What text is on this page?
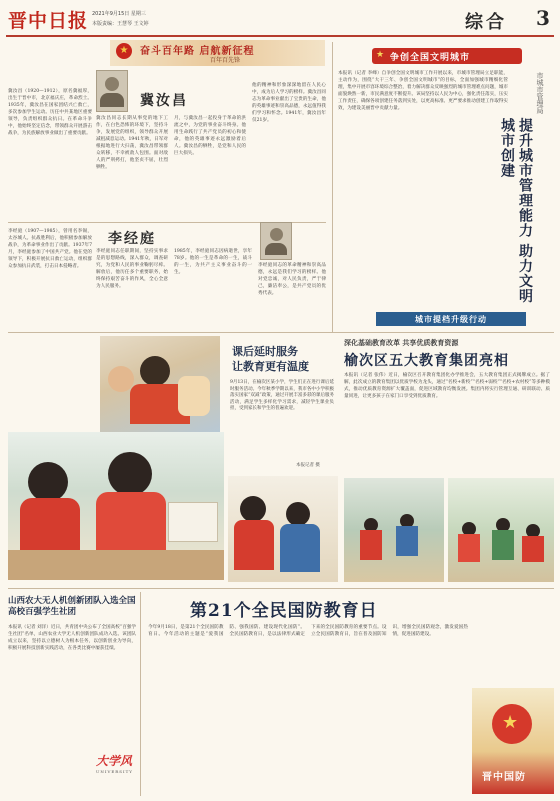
晋中日报 2021年9月15日 星期三
本版责编：王慧琴 王文婷	综合 3
★	奋斗百年路 启航新征程
百年百先锋
冀汝昌（1920—1912），原名冀福厚，出生于晋中市，北京福庆庄，革命烈士。1935年，冀汝昌在国家团结兴亡救亡，多次参加学生运动。历任中共某地区重要领导，负责组织群众抗日。在革命斗争中，他始终坚定信念，带领群众开展游击战争，为民族解放事业做出了重要贡献。
冀汝昌
冀汝昌同志长期从事党的地下工作，在白色恐怖的环境下，坚持斗争，发展党的组织，领导群众开展减租减息运动。1941年秋，日军对根据地进行大扫荡，冀汝昌带领群众转移，不幸被敌人包围。面对敌人的严刑拷打，他坚贞不屈，壮烈牺牲。
月，与冀汝昌一起投身于革命的洪流之中，为党的事业奋斗终身。他用生命践行了共产党员的初心和使命，他的英雄事迹永远激励着后人。冀汝昌的牺牲，是党和人民的巨大损失。
他的精神和形象深深地留在人民心中，成为后人学习的榜样。冀汝昌同志为革命事业献出了宝贵的生命，他的英雄事迹和崇高品德，永远值得我们学习和怀念。1941年，冀汝昌年仅21岁。
李经庭（1907—1985），曾用名李锡，太谷城人。抗战胜利后，他积极参加解放战争，为革命事业作出了贡献。1937年7月，李经庭参加了中国共产党。他在党的领导下，积极开展抗日救亡运动，组织群众参加抗日武装，打击日本侵略者。
李经庭
李经庭同志任职期间，坚持实事求是的思想路线，深入群众，调查研究，为党和人民的事业鞠躬尽瘁。解放后，他历任多个重要职务，始终保持艰苦奋斗的作风，全心全意为人民服务。
1985年，李经庭同志因病逝世，享年78岁。他的一生是革命的一生，战斗的一生，为共产主义事业奋斗的一生。
李经庭同志的革命精神和崇高品德，永远是我们学习的榜样。他对党忠诚，对人民负责，严于律己，廉洁奉公，是共产党员的优秀代表。
★ 争创全国文明城市
本报讯（记者 李峰）自争创全国文明城市工作开展以来，市城市管理局立足职能，主动作为，围绕“大干三年、争创全国文明城市”的目标，全面加强城市精细化管理，集中开展市容环境综合整治，着力解决群众反映强烈的城市管理难点问题，城市面貌焕然一新，市民满意度不断提升。该局坚持以人民为中心，强化责任落实，压实工作责任，确保各项创建任务落到实处，以更高标准、更严要求推动创建工作取得实效，为建设美丽晋中贡献力量。	市城市管理局
提升城市管理能力 助力文明城市创建
城市提档升级行动
课后延时服务
让教育更有温度
9月13日，在榆次区某小学，学生们正在进行课后延时服务活动。今年秋季学期以来，我市各中小学积极落实国家“双减”政策，通过开展丰富多彩的课后服务活动，满足学生多样化学习需求，减轻学生课业负担，受到家长和学生的普遍欢迎。
本报记者 摄
深化基础教育改革 共享优质教育资源
榆次区五大教育集团亮相
本报讯（记者 张伟）近日，榆次区召开教育集团化办学推进会，五大教育集团正式揭牌成立。据了解，此次成立的教育集团以优质学校为龙头，通过“名校+新校”“名校+弱校”“名校+农村校”等多种模式，推动优质教育资源扩大覆盖面，促进区域教育均衡发展。集团内将实行管理互通、研训联动、质量同进，让更多孩子在家门口享受到优质教育。
山西农大无人机创新团队入选全国高校百强学生社团
本报讯（记者 刘洋）近日，共青团中央公布了全国高校“百强学生社团”名单，山西农业大学无人机创新团队成功入选。该团队成立以来，坚持以立德树人为根本任务，以创新创业为导向，积极开展科技创新实践活动，在各类比赛中屡获佳绩。
大学风
UNIVERSITY
第21个全民国防教育日
今年9月18日，是第21个全民国防教育日。今年活动的主题是“爱我国防、强我国防、建设现代化国防”。全民国防教育日，是以法律形式确定下来的全民国防教育的重要节点。设立全民国防教育日，旨在普及国防知识，增强全民国防观念，激发爱国热情，促进国防建设。
★
晋中国防
